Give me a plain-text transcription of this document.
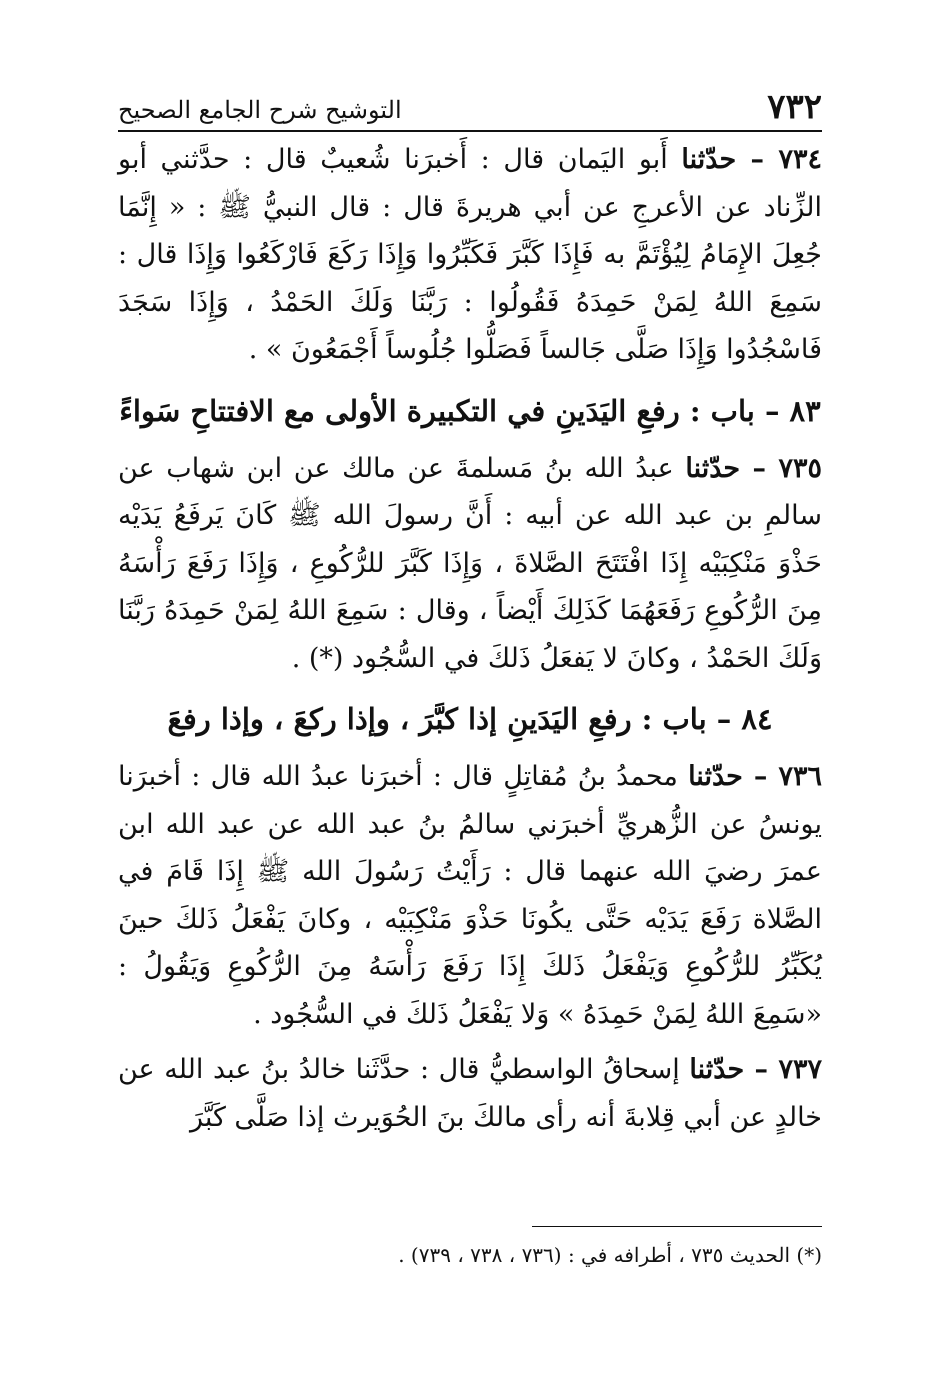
٧٣٢
التوشيح شرح الجامع الصحيح

٧٣٤ – حدّثنا أَبو اليَمان قال : أَخبرَنا شُعيبٌ قال : حدَّثني أبو الزِّناد عن الأعرجِ عن أبي هريرةَ قال : قال النبيُّ ﷺ : « إِنَّمَا جُعِلَ الإِمَامُ لِيُؤْتَمَّ به فَإِذَا كَبَّرَ فَكَبِّرُوا وَإِذَا رَكَعَ فَارْكَعُوا وَإِذَا قال : سَمِعَ اللهُ لِمَنْ حَمِدَهُ فَقُولُوا : رَبَّنَا وَلَكَ الحَمْدُ ، وَإِذَا سَجَدَ فَاسْجُدُوا وَإِذَا صَلَّى جَالساً فَصَلُّوا جُلُوساً أَجْمَعُونَ » .

٨٣ – باب : رفعِ اليَدَينِ في التكبيرة الأولى مع الافتتاحِ سَواءً

٧٣٥ – حدّثنا عبدُ الله بنُ مَسلمةَ عن مالك عن ابن شهاب عن سالمِ بن عبد الله عن أبيه : أَنَّ رسولَ الله ﷺ كَانَ يَرفَعُ يَدَيْه حَذْوَ مَنْكِبَيْه إِذَا افْتَتَحَ الصَّلاةَ ، وَإِذَا كَبَّرَ للرُّكُوعِ ، وَإِذَا رَفَعَ رَأْسَهُ مِنَ الرُّكُوعِ رَفَعَهُمَا كَذَلِكَ أَيْضاً ، وقال : سَمِعَ اللهُ لِمَنْ حَمِدَهُ رَبَّنَا وَلَكَ الحَمْدُ ، وكانَ لا يَفعَلُ ذَلكَ في السُّجُود (*) .

٨٤ – باب : رفعِ اليَدَينِ إذا كبَّرَ ، وإذا ركعَ ، وإذا رفعَ

٧٣٦ – حدّثنا محمدُ بنُ مُقاتِلٍ قال : أخبرَنا عبدُ الله قال : أخبرَنا يونسُ عن الزُّهريِّ أخبرَني سالمُ بنُ عبد الله عن عبد الله ابن عمرَ رضيَ الله عنهما قال : رَأَيْتُ رَسُولَ الله ﷺ إِذَا قَامَ في الصَّلاة رَفَعَ يَدَيْه حَتَّى يكُونَا حَذْوَ مَنْكِبَيْه ، وكانَ يَفْعَلُ ذَلكَ حينَ يُكَبِّرُ للرُّكُوعِ وَيَفْعَلُ ذَلكَ إِذَا رَفَعَ رَأْسَهُ مِنَ الرُّكُوعِ وَيَقُولُ : «سَمِعَ اللهُ لِمَنْ حَمِدَهُ » وَلا يَفْعَلُ ذَلكَ في السُّجُود .

٧٣٧ – حدّثنا إسحاقُ الواسطيُّ قال : حدَّثَنا خالدُ بنُ عبد الله عن خالدٍ عن أبي قِلابةَ أنه رأى مالكَ بنَ الحُوَيرث إذا صَلَّى كَبَّرَ

(*) الحديث ٧٣٥ ، أطرافه في : (٧٣٦ ، ٧٣٨ ، ٧٣٩) .
